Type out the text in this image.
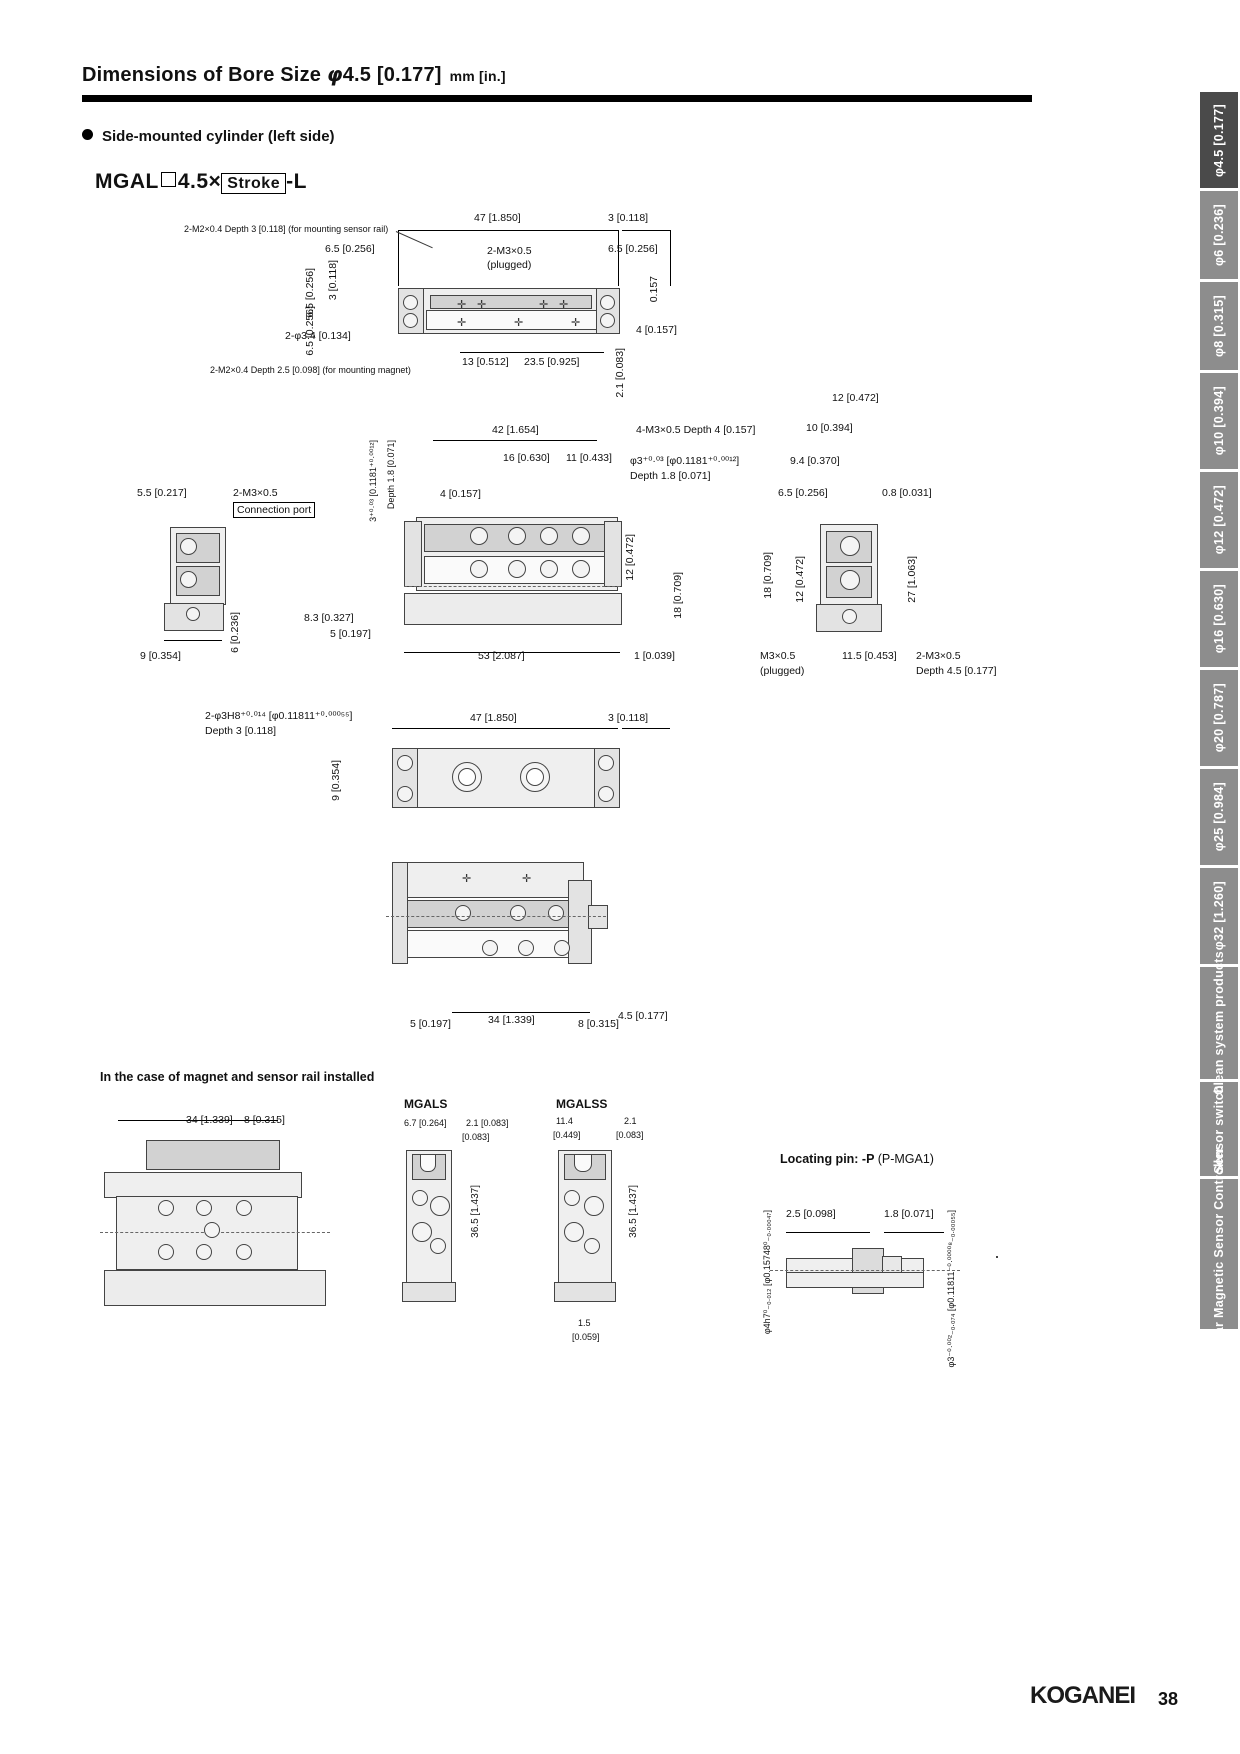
Dimensions of Bore Size φ4.5 [0.177] mm [in.]
Side-mounted cylinder (left side)
MGAL 4.5× Stroke -L
φ4.5 [0.177]
φ6 [0.236]
φ8 [0.315]
φ10 [0.394]
φ12 [0.472]
φ16 [0.630]
φ20 [0.787]
φ25 [0.984]
φ32 [1.260]
Clean system products
Sensor switch
Linear Magnetic Sensor Controller
✛ ✛	✛ ✛
✛	✛	✛
47 [1.850]	3 [0.118]
2-M2×0.4 Depth 3 [0.118] (for mounting sensor rail)
6.5 [0.256]	2-M3×0.5
(plugged)
6.5 [0.256]
6.5 [0.256] 3 [0.118]
6.5 [0.256]
2-φ3.4 [0.134]
2-M2×0.4 Depth 2.5 [0.098] (for mounting magnet)
13 [0.512] 23.5 [0.925]	2.1 [0.083]
0.157
4 [0.157]
5.5 [0.217]	2-M3×0.5
Connection port
6 [0.236]
9 [0.354]
42 [1.654]	4-M3×0.5 Depth 4 [0.157]
16 [0.630] 11 [0.433] φ3⁺⁰·⁰³ [φ0.1181⁺⁰·⁰⁰¹²]
Depth 1.8 [0.071]
4 [0.157]
3⁺⁰·⁰³ [0.1181⁺⁰·⁰⁰¹²] Depth 1.8 [0.071]
8.3 [0.327]
5 [0.197]
53 [2.087]	1 [0.039]
12 [0.472]
18 [0.709]
12 [0.472]
10 [0.394]
9.4 [0.370]
6.5 [0.256]	0.8 [0.031]
18 [0.709] 12 [0.472]	27 [1.063]
M3×0.5
(plugged)
11.5 [0.453] 2-M3×0.5
Depth 4.5 [0.177]
2-φ3H8⁺⁰·⁰¹⁴ [φ0.11811⁺⁰·⁰⁰⁰⁵⁵]
Depth 3 [0.118]
47 [1.850]	3 [0.118]
9 [0.354]
✛	✛
4.5 [0.177]
5 [0.197]	34 [1.339]	8 [0.315]
In the case of magnet and sensor rail installed
34 [1.339] 8 [0.315]
MGALS
6.7 [0.264] 2.1 [0.083]
[0.083]
36.5 [1.437]
MGALSS
11.4
[0.449]
2.1
[0.083]
36.5 [1.437]
1.5
[0.059]
Locating pin: -P (P-MGA1)
2.5 [0.098]	1.8 [0.071]
φ4h7⁰₋₀.₀₁₂ [φ0.15748⁰₋₀.₀₀₀₄₇]	φ3⁻⁰·⁰⁰²₋₀.₀₇₄ [φ0.11811⁻⁰·⁰⁰⁰⁰⁸₋₀.₀₀₀₅₅]
KOGANEI 38
